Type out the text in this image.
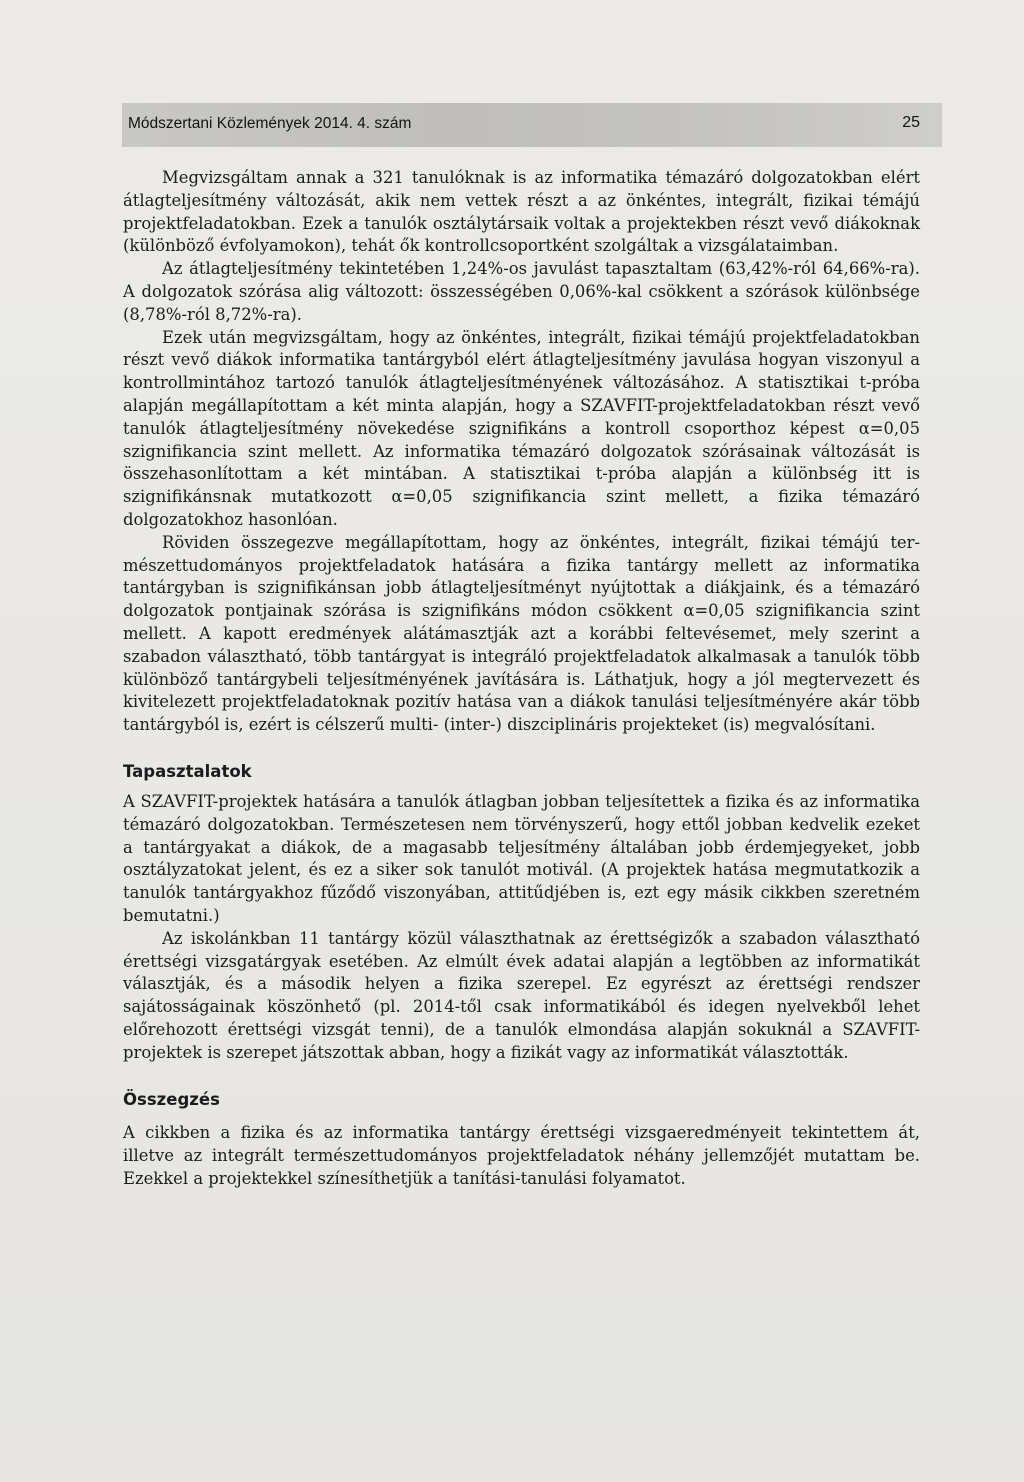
Módszertani Közlemények 2014. 4. szám	25

Megvizsgáltam annak a 321 tanulóknak is az informatika témazáró dolgozatokban elért átlagteljesítmény változását, akik nem vettek részt a az önkéntes, integrált, fizikai témájú projektfeladatokban. Ezek a tanulók osztálytársaik voltak a projektekben részt vevő diákoknak (különböző évfolyamokon), tehát ők kontrollcsoportként szolgáltak a vizsgálataimban.

Az átlagteljesítmény tekintetében 1,24%-os javulást tapasztaltam (63,42%-ról 64,66%-ra). A dolgozatok szórása alig változott: összességében 0,06%-kal csökkent a szórások különbsége (8,78%-ról 8,72%-ra).

Ezek után megvizsgáltam, hogy az önkéntes, integrált, fizikai témájú projektfeladatokban részt vevő diákok informatika tantárgyból elért átlagteljesítmény javulása hogyan viszonyul a kontrollmintához tartozó tanulók átlagteljesítményének változásához. A statisztikai t-próba alapján megállapítottam a két minta alapján, hogy a SZAVFIT-projektfeladatokban részt vevő tanulók átlagteljesítmény növekedése szignifikáns a kontroll csoporthoz képest α=0,05 szignifikancia szint mellett. Az informatika témazáró dolgozatok szórásainak változását is összehasonlítottam a két mintában. A statisztikai t-próba alapján a különbség itt is szignifikánsnak mutatkozott α=0,05 szignifikancia szint mellett, a fizika témazáró dolgozatokhoz hasonlóan.

Röviden összegezve megállapítottam, hogy az önkéntes, integrált, fizikai témájú természettudományos projektfeladatok hatására a fizika tantárgy mellett az informatika tantárgyban is szignifikánsan jobb átlagteljesítményt nyújtottak a diákjaink, és a témazáró dolgozatok pontjainak szórása is szignifikáns módon csökkent α=0,05 szignifikancia szint mellett. A kapott eredmények alátámasztják azt a korábbi feltevésemet, mely szerint a szabadon választható, több tantárgyat is integráló projektfeladatok alkalmasak a tanulók több különböző tantárgybeli teljesítményének javítására is. Láthatjuk, hogy a jól megtervezett és kivitelezett projektfeladatoknak pozitív hatása van a diákok tanulási teljesítményére akár több tantárgyból is, ezért is célszerű multi- (inter-) diszciplináris projekteket (is) megvalósítani.

Tapasztalatok

A SZAVFIT-projektek hatására a tanulók átlagban jobban teljesítettek a fizika és az informatika témazáró dolgozatokban. Természetesen nem törvényszerű, hogy ettől jobban kedvelik ezeket a tantárgyakat a diákok, de a magasabb teljesítmény általában jobb érdemjegyeket, jobb osztályzatokat jelent, és ez a siker sok tanulót motivál. (A projektek hatása megmutatkozik a tanulók tantárgyakhoz fűződő viszonyában, attitűdjében is, ezt egy másik cikkben szeretném bemutatni.)

Az iskolánkban 11 tantárgy közül választhatnak az érettségizők a szabadon választható érettségi vizsgatárgyak esetében. Az elmúlt évek adatai alapján a legtöbben az informatikát választják, és a második helyen a fizika szerepel. Ez egyrészt az érettségi rendszer sajátosságainak köszönhető (pl. 2014-től csak informatikából és idegen nyelvekből lehet előrehozott érettségi vizsgát tenni), de a tanulók elmondása alapján sokuknál a SZAVFIT-projektek is szerepet játszottak abban, hogy a fizikát vagy az informatikát választották.

Összegzés

A cikkben a fizika és az informatika tantárgy érettségi vizsgaeredményeit tekintettem át, illetve az integrált természettudományos projektfeladatok néhány jellemzőjét mutattam be. Ezekkel a projektekkel színesíthetjük a tanítási-tanulási folyamatot.
